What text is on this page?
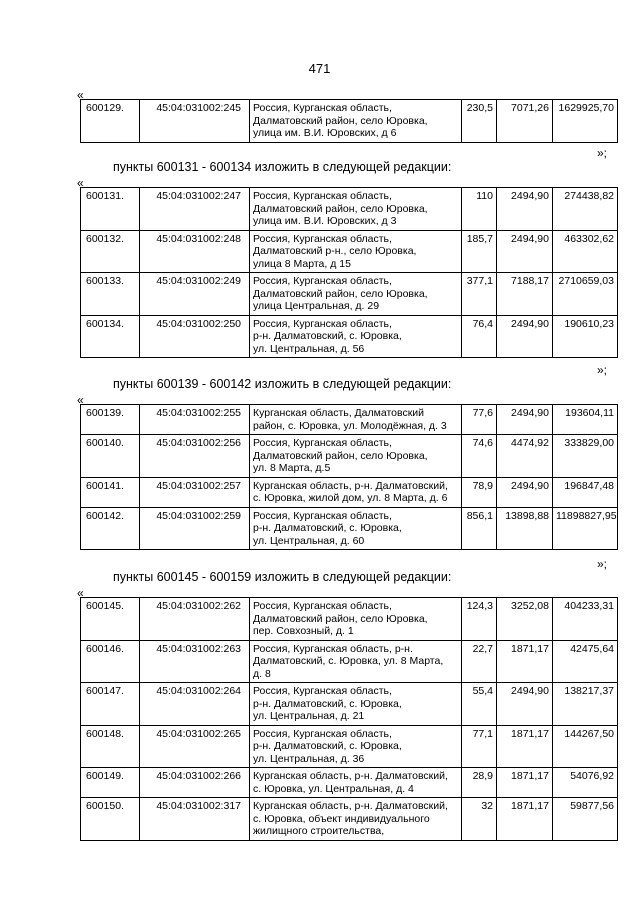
471
«
600129.	45:04:031002:245	Россия, Курганская область,
Далматовский район, село Юровка,
улица им. В.И. Юровских, д 6	230,5	7071,26	1629925,70
»;
пункты 600131 - 600134 изложить в следующей редакции:
«
600131.	45:04:031002:247	Россия, Курганская область,
Далматовский район, село Юровка,
улица им. В.И. Юровских, д 3	110	2494,90	274438,82
600132.	45:04:031002:248	Россия, Курганская область,
Далматовский р-н., село Юровка,
улица 8 Марта, д 15	185,7	2494,90	463302,62
600133.	45:04:031002:249	Россия, Курганская область,
Далматовский район, село Юровка,
улица Центральная, д. 29	377,1	7188,17	2710659,03
600134.	45:04:031002:250	Россия, Курганская область,
р-н. Далматовский, с. Юровка,
ул. Центральная, д. 56	76,4	2494,90	190610,23
»;
пункты 600139 - 600142 изложить в следующей редакции:
«
600139.	45:04:031002:255	Курганская область, Далматовский
район, с. Юровка, ул. Молодёжная, д. 3	77,6	2494,90	193604,11
600140.	45:04:031002:256	Россия, Курганская область,
Далматовский район, село Юровка,
ул. 8 Марта, д.5	74,6	4474,92	333829,00
600141.	45:04:031002:257	Курганская область, р-н. Далматовский,
с. Юровка, жилой дом, ул. 8 Марта, д. 6	78,9	2494,90	196847,48
600142.	45:04:031002:259	Россия, Курганская область,
р-н. Далматовский, с. Юровка,
ул. Центральная, д. 60	856,1	13898,88	11898827,95
»;
пункты 600145 - 600159 изложить в следующей редакции:
«
600145.	45:04:031002:262	Россия, Курганская область,
Далматовский район, село Юровка,
пер. Совхозный, д. 1	124,3	3252,08	404233,31
600146.	45:04:031002:263	Россия, Курганская область, р-н.
Далматовский, с. Юровка, ул. 8 Марта,
д. 8	22,7	1871,17	42475,64
600147.	45:04:031002:264	Россия, Курганская область,
р-н. Далматовский, с. Юровка,
ул. Центральная, д. 21	55,4	2494,90	138217,37
600148.	45:04:031002:265	Россия, Курганская область,
р-н. Далматовский, с. Юровка,
ул. Центральная, д. 36	77,1	1871,17	144267,50
600149.	45:04:031002:266	Курганская область, р-н. Далматовский,
с. Юровка, ул. Центральная, д. 4	28,9	1871,17	54076,92
600150.	45:04:031002:317	Курганская область, р-н. Далматовский,
с. Юровка, объект индивидуального
жилищного строительства,	32	1871,17	59877,56
